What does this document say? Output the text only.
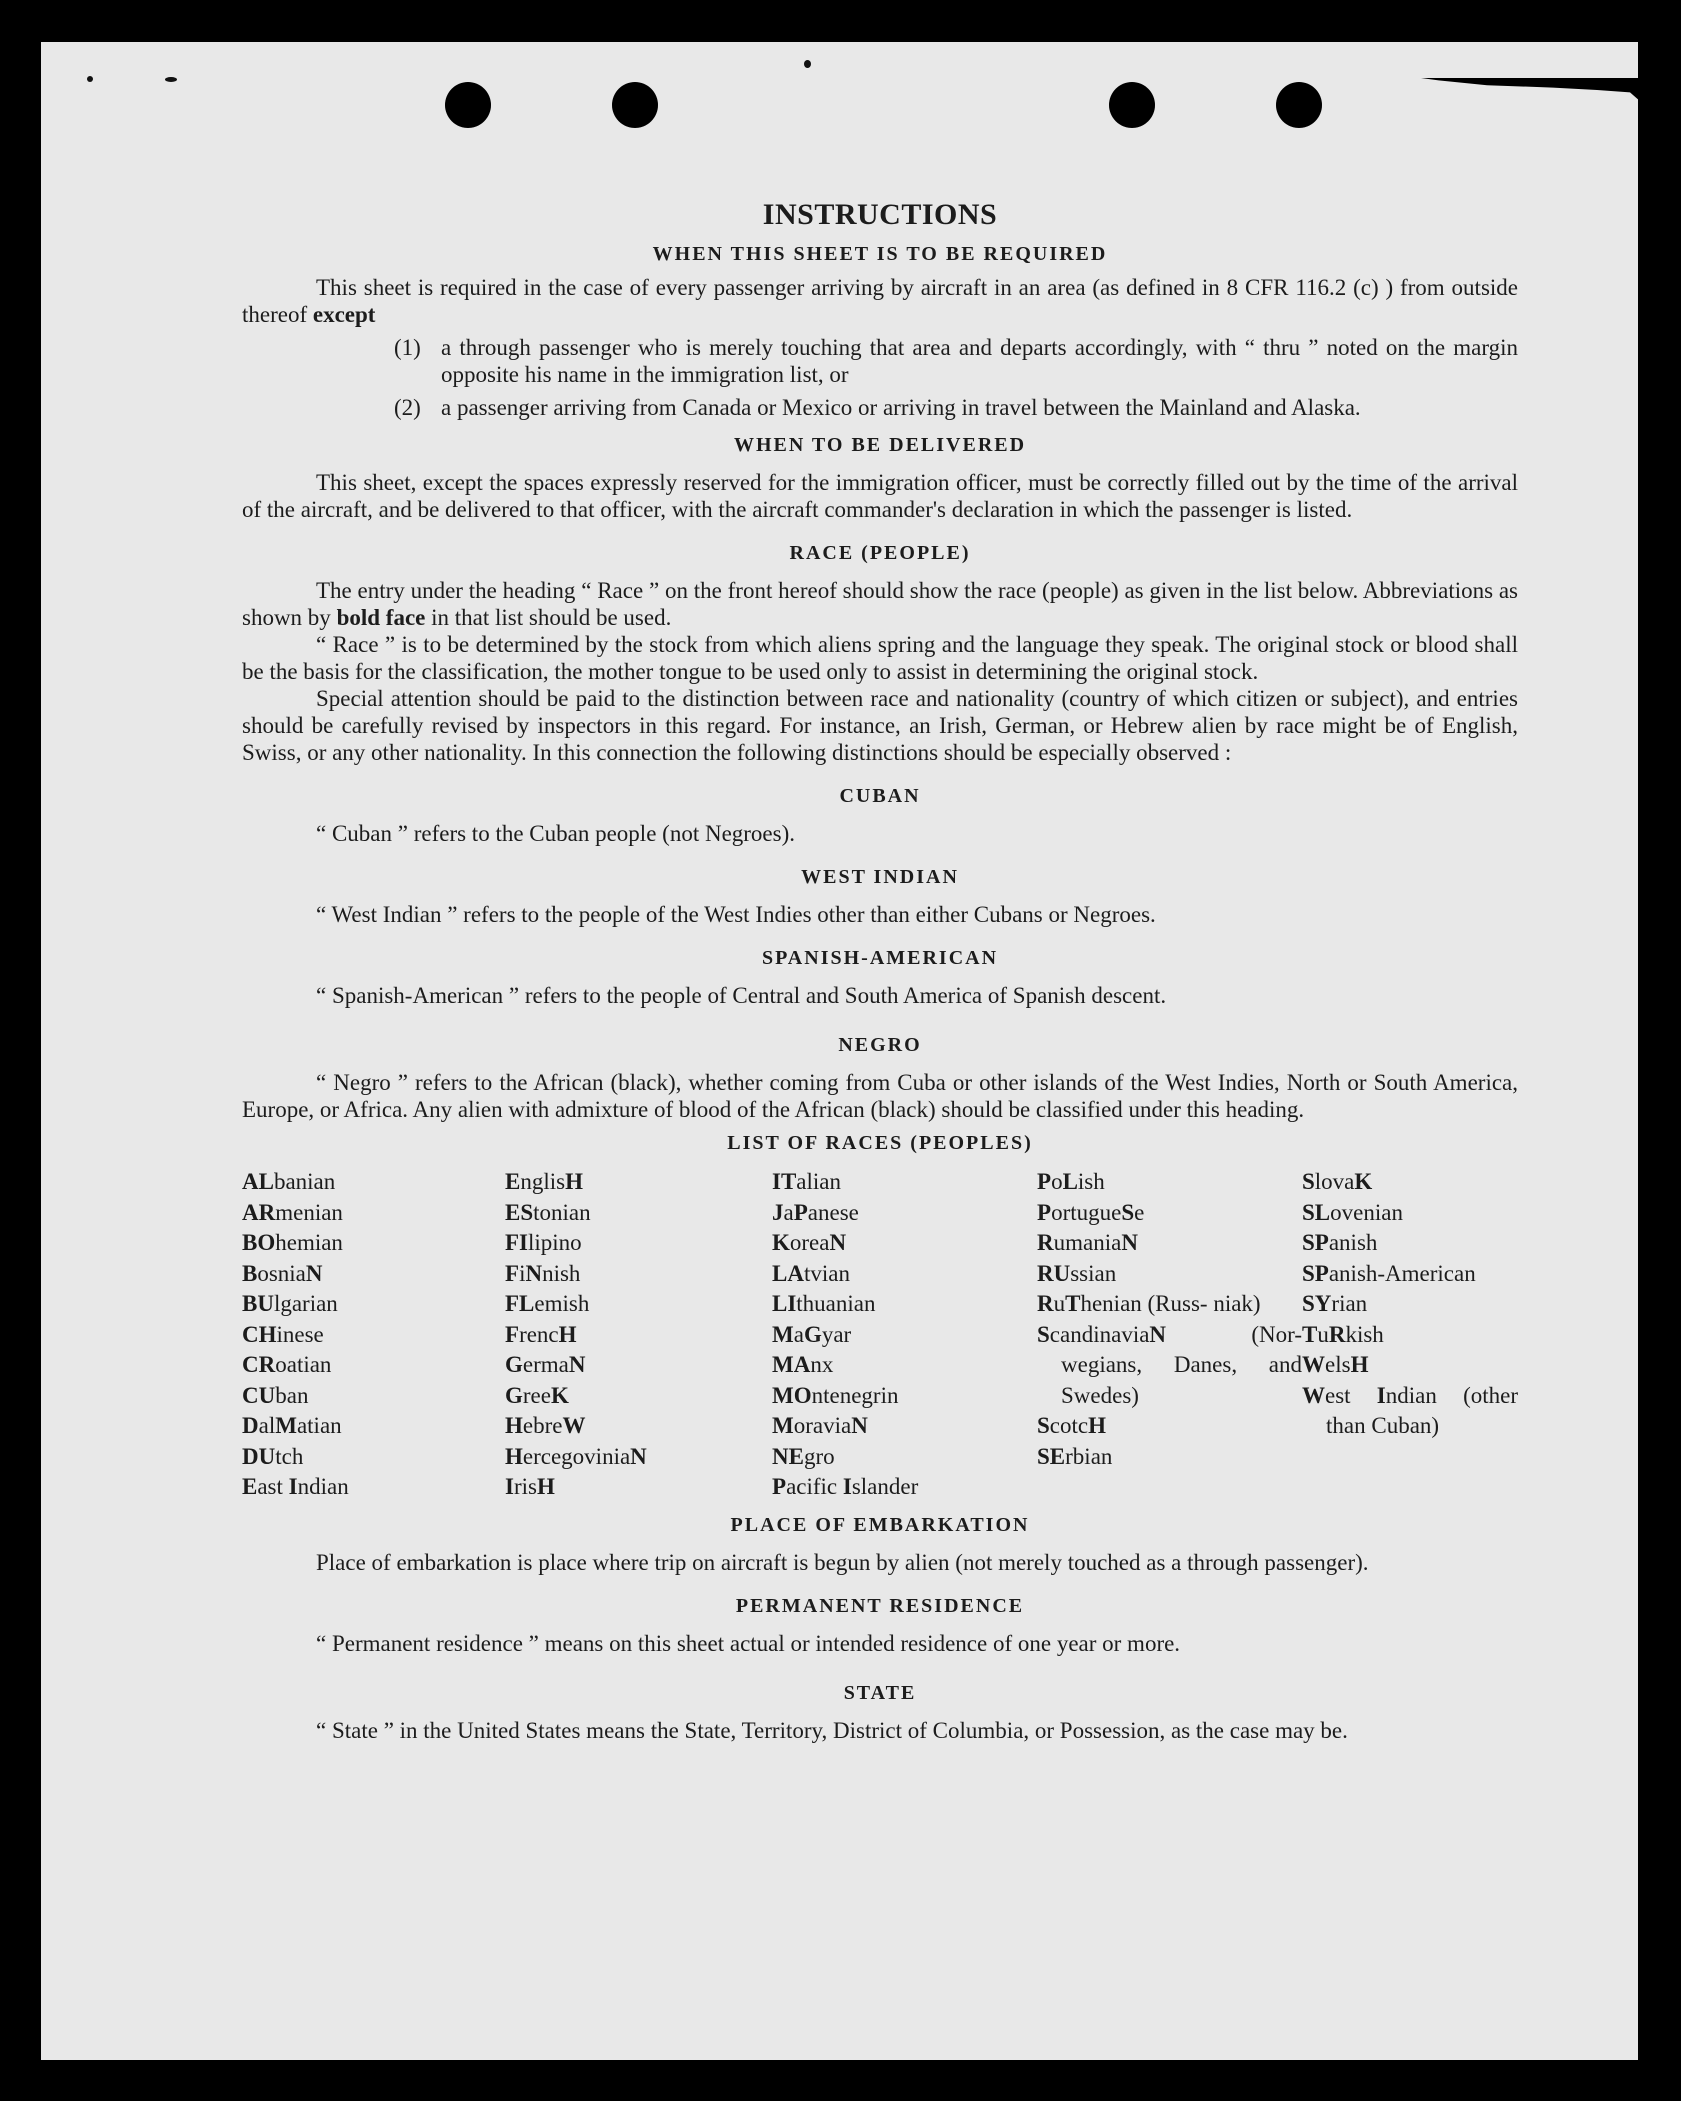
INSTRUCTIONS
WHEN THIS SHEET IS TO BE REQUIRED

This sheet is required in the case of every passenger arriving by aircraft in an area (as defined in 8 CFR 116.2 (c) ) from outside thereof except

(1) a through passenger who is merely touching that area and departs accordingly, with “ thru ” noted on the margin opposite his name in the immigration list, or
(2) a passenger arriving from Canada or Mexico or arriving in travel between the Mainland and Alaska.
WHEN TO BE DELIVERED

This sheet, except the spaces expressly reserved for the immigration officer, must be correctly filled out by the time of the arrival of the aircraft, and be delivered to that officer, with the aircraft commander's declaration in which the passenger is listed.

RACE (PEOPLE)

The entry under the heading “ Race ” on the front hereof should show the race (people) as given in the list below. Abbreviations as shown by bold face in that list should be used.

“ Race ” is to be determined by the stock from which aliens spring and the language they speak. The original stock or blood shall be the basis for the classification, the mother tongue to be used only to assist in determining the original stock.

Special attention should be paid to the distinction between race and nationality (country of which citizen or subject), and entries should be carefully revised by inspectors in this regard. For instance, an Irish, German, or Hebrew alien by race might be of English, Swiss, or any other nationality. In this connection the following distinctions should be especially observed :

CUBAN

“ Cuban ” refers to the Cuban people (not Negroes).

WEST INDIAN

“ West Indian ” refers to the people of the West Indies other than either Cubans or Negroes.

SPANISH-AMERICAN

“ Spanish-American ” refers to the people of Central and South America of Spanish descent.

NEGRO

“ Negro ” refers to the African (black), whether coming from Cuba or other islands of the West Indies, North or South America, Europe, or Africa. Any alien with admixture of blood of the African (black) should be classified under this heading.

LIST OF RACES (PEOPLES)
ALbanian
ARmenian
BOhemian
BosniaN
BUlgarian
CHinese
CRoatian
CUban
DalMatian
DUtch
East Indian
EnglisH
EStonian
FIlipino
FiNnish
FLemish
FrencH
GermaN
GreeK
HebreW
HercegoviniaN
IrisH
ITalian
JaPanese
KoreaN
LAtvian
LIthuanian
MaGyar
MAnx
MOntenegrin
MoraviaN
NEgro
Pacific Islander
PoLish
PortugueSe
RumaniaN
RUssian
RuThenian (Russ- niak)
ScandinaviaN (Nor- wegians, Danes, and Swedes)
ScotcH
SErbian
SlovaK
SLovenian
SPanish
SPanish-American
SYrian
TuRkish
WelsH
West Indian (other than Cuban)
PLACE OF EMBARKATION

Place of embarkation is place where trip on aircraft is begun by alien (not merely touched as a through passenger).

PERMANENT RESIDENCE

“ Permanent residence ” means on this sheet actual or intended residence of one year or more.

STATE

“ State ” in the United States means the State, Territory, District of Columbia, or Possession, as the case may be.
